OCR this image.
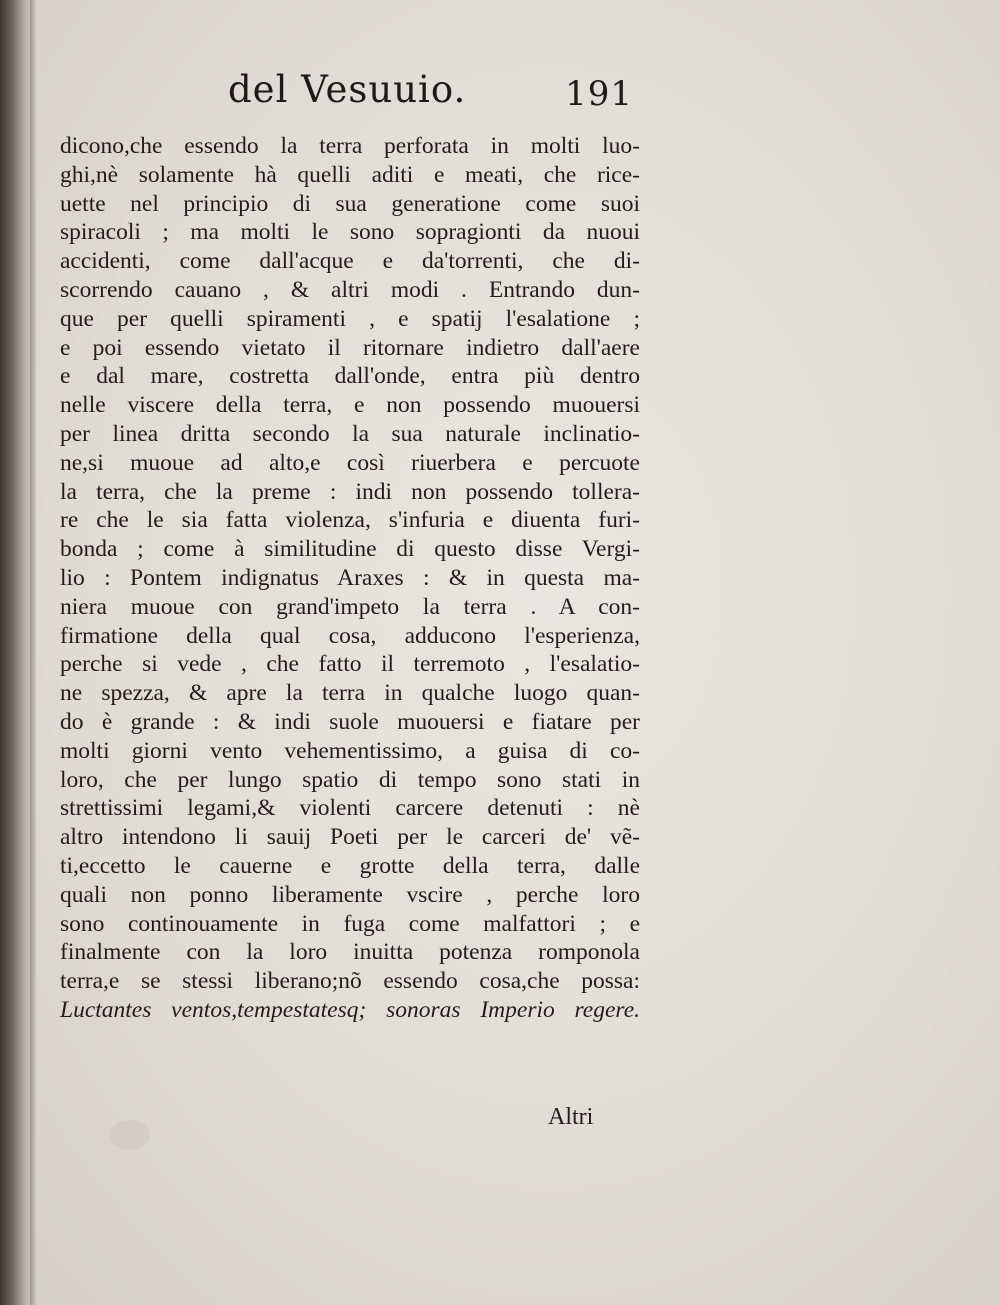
del Vesuuio.	191
dicono,che essendo la terra perforata in molti luo-
ghi,nè solamente hà quelli aditi e meati, che rice-
uette nel principio di sua generatione come suoi
spiracoli ; ma molti le sono sopragionti da nuoui
accidenti, come dall'acque e da'torrenti, che di-
scorrendo cauano , & altri modi . Entrando dun-
que per quelli spiramenti , e spatij l'esalatione ;
e poi essendo vietato il ritornare indietro dall'aere
e dal mare, costretta dall'onde, entra più dentro
nelle viscere della terra, e non possendo muouersi
per linea dritta secondo la sua naturale inclinatio-
ne,si muoue ad alto,e così riuerbera e percuote
la terra, che la preme : indi non possendo tollera-
re che le sia fatta violenza, s'infuria e diuenta furi-
bonda ; come à similitudine di questo disse Vergi-
lio : Pontem indignatus Araxes : & in questa ma-
niera muoue con grand'impeto la terra . A con-
firmatione della qual cosa, adducono l'esperienza,
perche si vede , che fatto il terremoto , l'esalatio-
ne spezza, & apre la terra in qualche luogo quan-
do è grande : & indi suole muouersi e fiatare per
molti giorni vento vehementissimo, a guisa di co-
loro, che per lungo spatio di tempo sono stati in
strettissimi legami,& violenti carcere detenuti : nè
altro intendono li sauij Poeti per le carceri de' vẽ-
ti,eccetto le cauerne e grotte della terra, dalle
quali non ponno liberamente vscire , perche loro
sono continouamente in fuga come malfattori ; e
finalmente con la loro inuitta potenza romponola
terra,e se stessi liberano;nõ essendo cosa,che possa:
Luctantes ventos,tempestatesq; sonoras Imperio regere.
Altri
